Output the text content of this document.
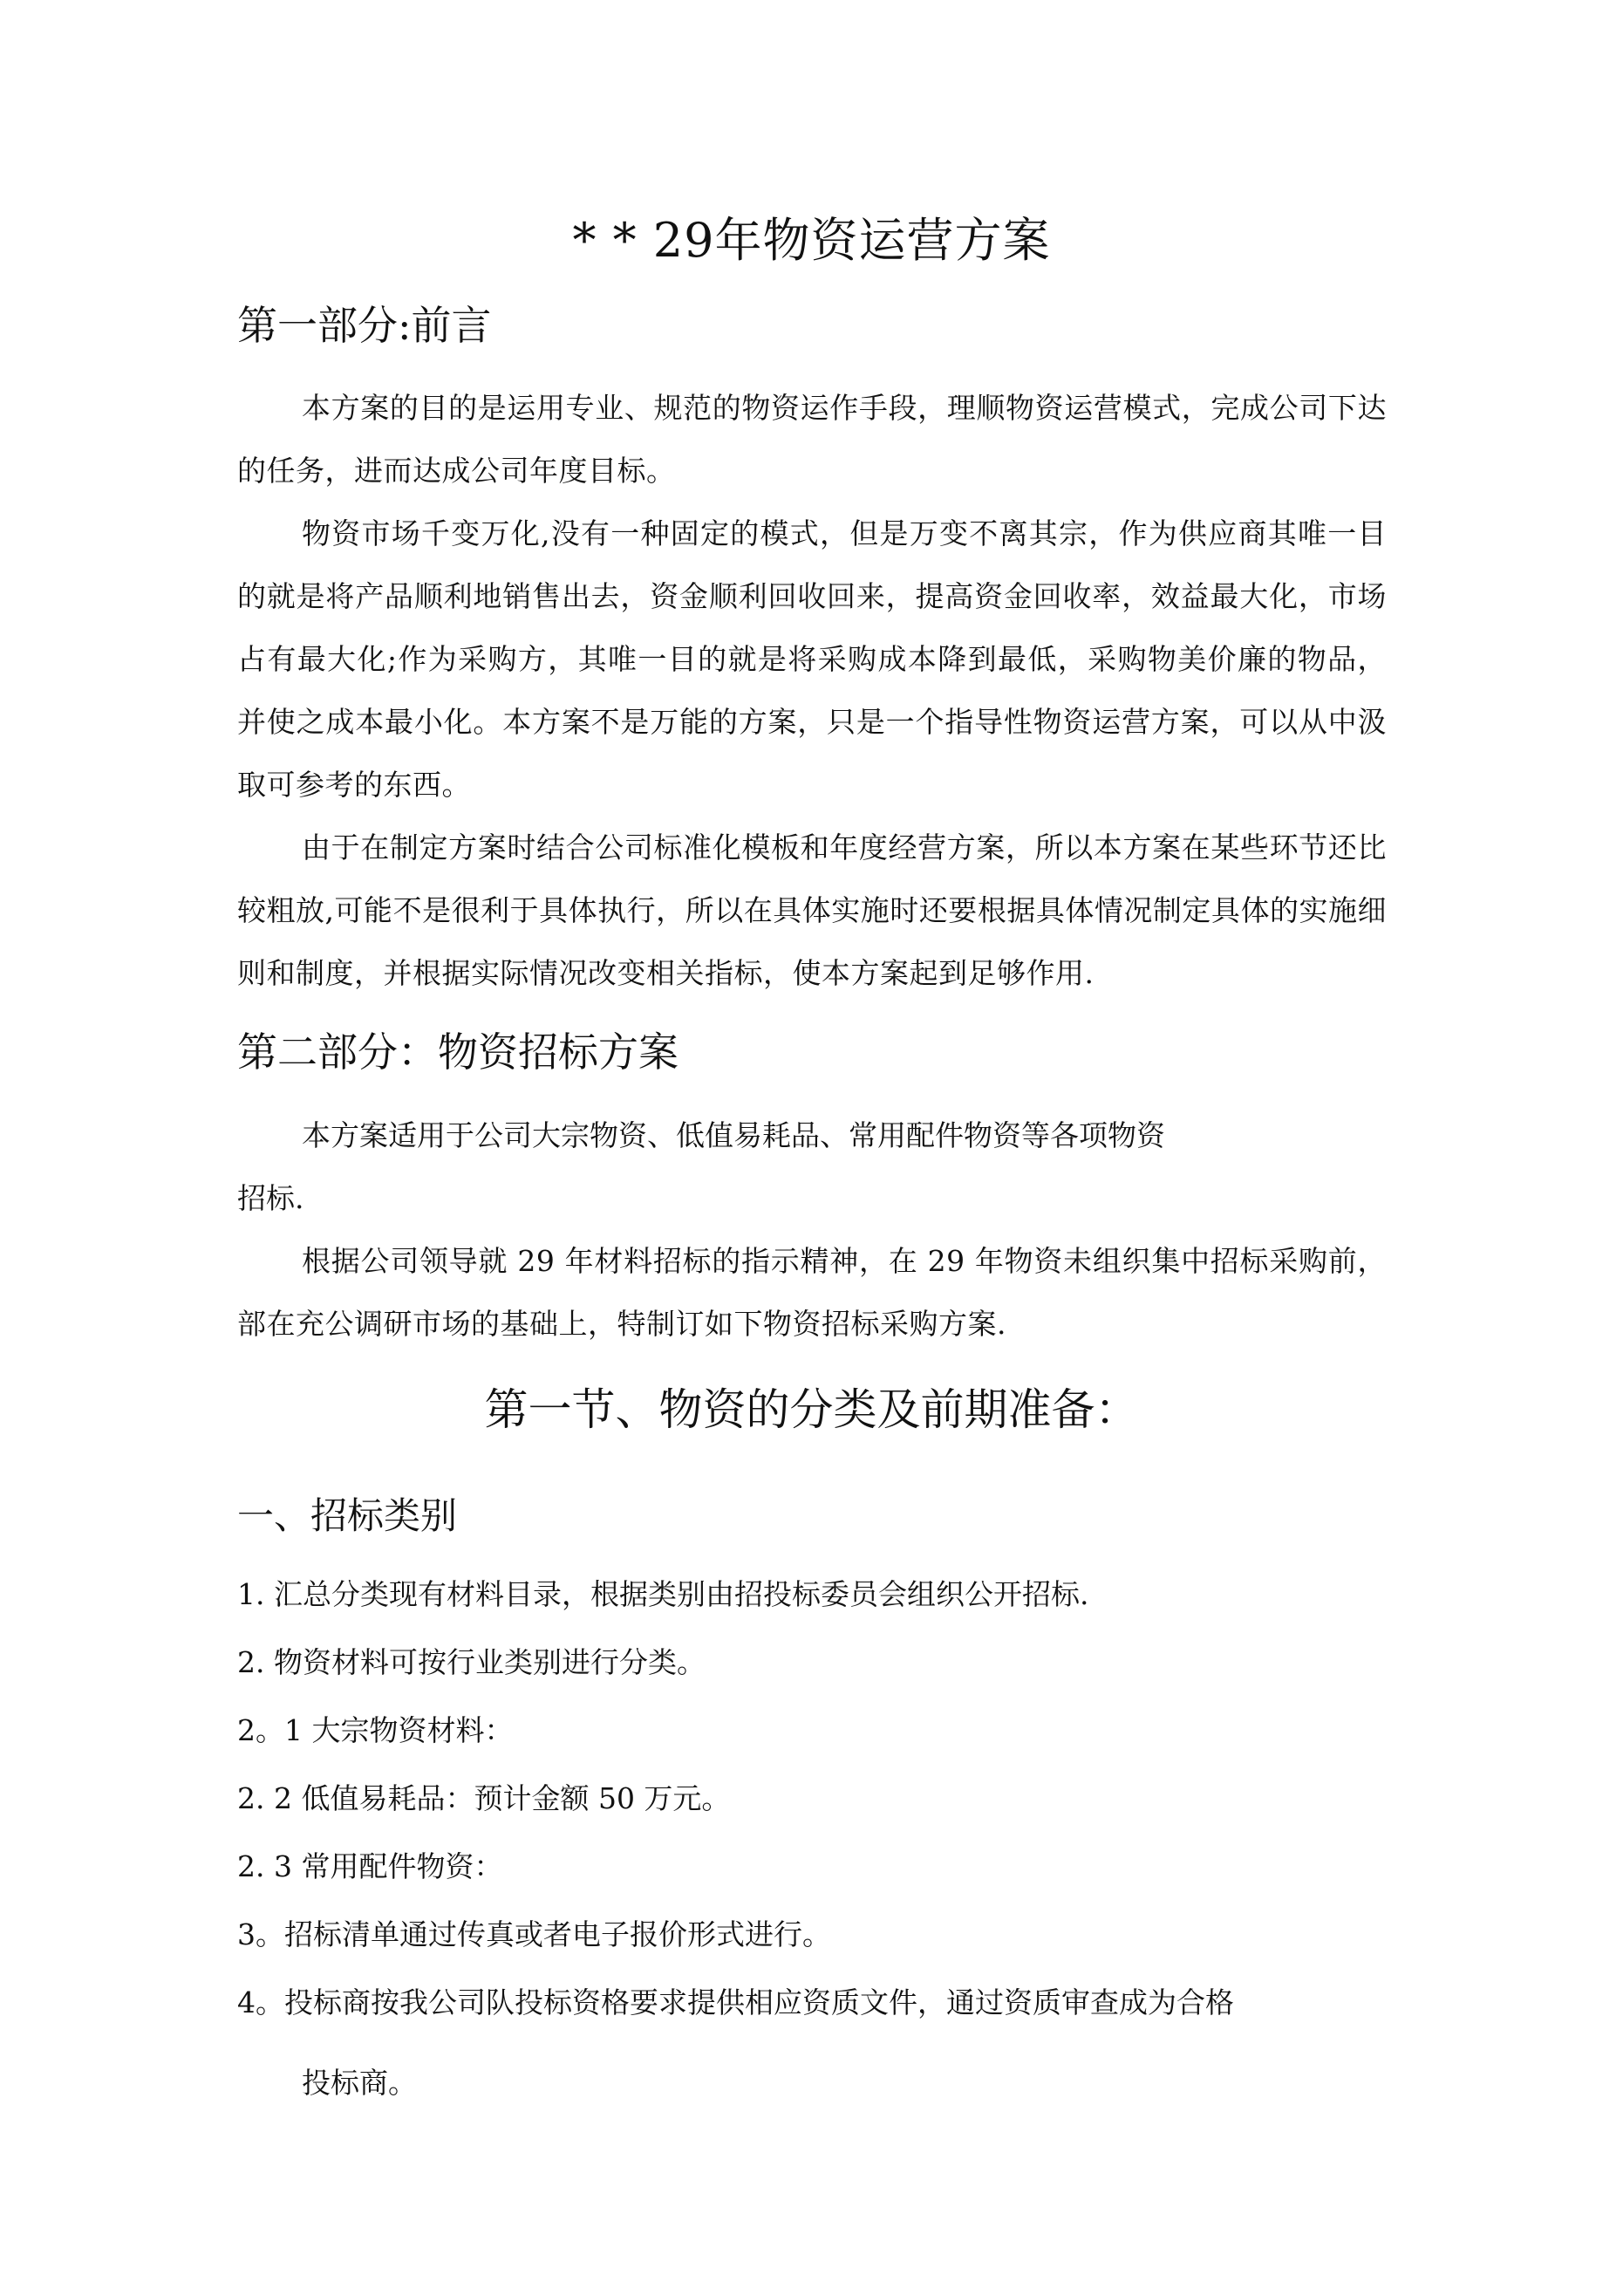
* * 29年物资运营方案
第一部分:前言
本方案的目的是运用专业、规范的物资运作手段，理顺物资运营模式，完成公司下达的任务，进而达成公司年度目标。
物资市场千变万化,没有一种固定的模式，但是万变不离其宗，作为供应商其唯一目的就是将产品顺利地销售出去，资金顺利回收回来，提高资金回收率，效益最大化，市场占有最大化;作为采购方，其唯一目的就是将采购成本降到最低，采购物美价廉的物品，并使之成本最小化。本方案不是万能的方案，只是一个指导性物资运营方案，可以从中汲取可参考的东西。
由于在制定方案时结合公司标准化模板和年度经营方案，所以本方案在某些环节还比较粗放,可能不是很利于具体执行，所以在具体实施时还要根据具体情况制定具体的实施细则和制度，并根据实际情况改变相关指标，使本方案起到足够作用.
第二部分：物资招标方案
本方案适用于公司大宗物资、低值易耗品、常用配件物资等各项物资
招标.
根据公司领导就 29 年材料招标的指示精神，在 29 年物资未组织集中招标采购前，部在充公调研市场的基础上，特制订如下物资招标采购方案.
第一节、物资的分类及前期准备：
一、招标类别
1. 汇总分类现有材料目录，根据类别由招投标委员会组织公开招标.
2. 物资材料可按行业类别进行分类。
2。1 大宗物资材料：
2. 2 低值易耗品：预计金额 50 万元。
2. 3 常用配件物资：
3。招标清单通过传真或者电子报价形式进行。
4。投标商按我公司队投标资格要求提供相应资质文件，通过资质审查成为合格
投标商。
